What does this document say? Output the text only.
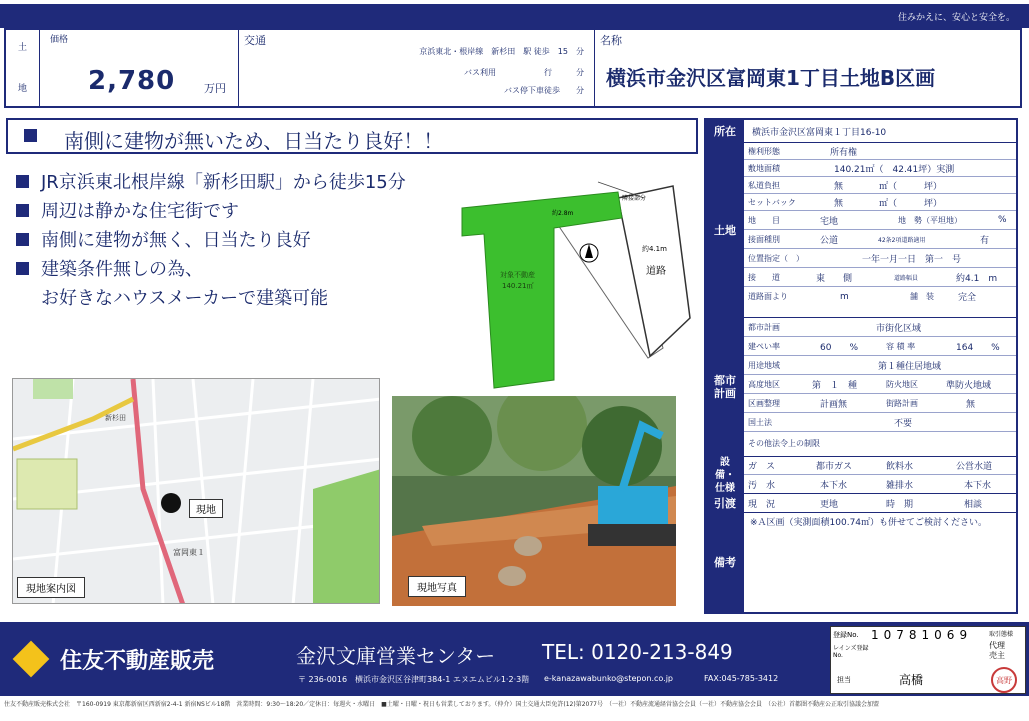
住みかえに、安心と安全を。
土
地
価格
2,780	万円
交通
京浜東北・根岸線　新杉田　駅 徒歩　15　分
バス利用　　　　　　行　　　分
バス停下車徒歩　　分
名称
横浜市金沢区富岡東1丁目土地B区画
南側に建物が無いため、日当たり良好！！
JR京浜東北根岸線「新杉田駅」から徒歩15分
周辺は静かな住宅街です
南側に建物が無く、日当たり良好
建築条件無しの為、
お好きなハウスメーカーで建築可能
対象不動産
140.21㎡
道路
約4.1m
約2.8m
隣接部分
現地
富岡東１
新杉田
現地案内図	現地写真
所在	横浜市金沢区富岡東１丁目16-10
土地
権利形態	所有権
敷地面積	140.21㎡（　42.41坪）実測
私道負担	無　　　　㎡（　　　坪）
セットバック	無　　　　㎡（　　　坪）
地　　目	宅地	地　勢（平坦地）	%
接面種別	公道	42条2項道路適用	有
位置指定（　）	一年一月一日　第一　号
接　　道	東　　側	道路幅員	約4.1　m
道路面より	m	舗　装	完全
都市計画
都市計画	市街化区域
建ぺい率	60　　%	容 積 率	164　　%
用途地域	第１種住居地域
高度地区	第　１　種	防火地区	準防火地域
区画整理	計画無	街路計画	無
国土法	不要
その他法令上の制限
設備・仕様
ガ　ス	都市ガス	飲料水	公営水道
汚　水	本下水	雑排水	本下水
引渡	現　況	更地	時　期	相談
備考
※Ａ区画（実測面積100.74㎡）も併せてご検討ください。
住友不動産販売	金沢文庫営業センター TEL: 0120-213-849
〒 236-0016　横浜市金沢区谷津町384-1 エヌエムビル1·2·3階 e-kanazawabunko@stepon.co.jp	FAX:045-785-3412
登録No. 10781069
レインズ登録No.
担当	高橋
取引態様
代理　売主
高野
住友不動産販売株式会社　〒160-0919 東京都新宿区西新宿2-4-1 新宿NSビル18階　営業時間：9:30～18:20／定休日：毎週火・水曜日　■土曜・日曜・祝日も営業しております。（仲介）国土交通大臣免許(12)第2077号　（一社）不動産流通経営協会会員（一社）不動産協会会員　（公社）首都圏不動産公正取引協議会加盟
